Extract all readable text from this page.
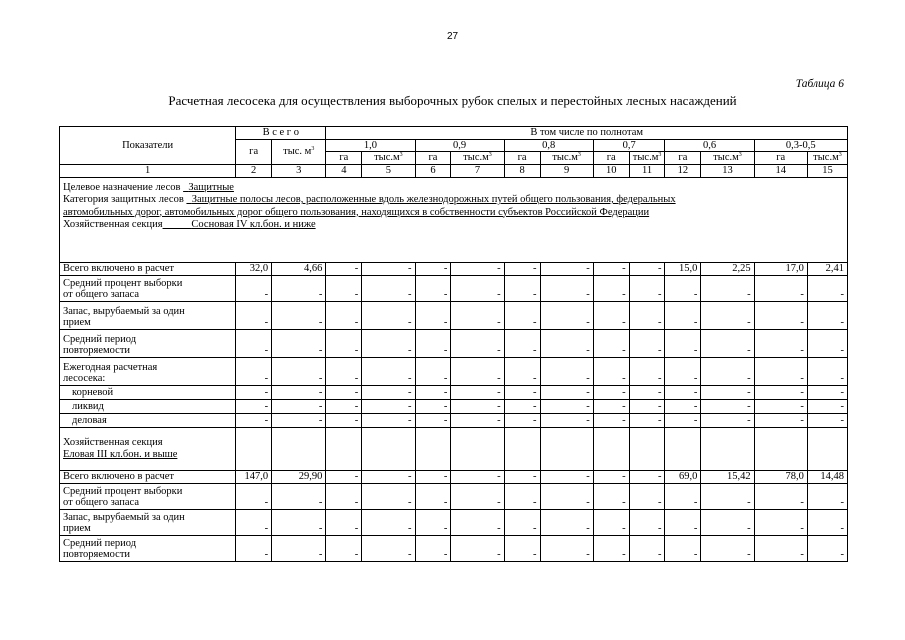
27
Таблица 6
Расчетная лесосека для осуществления выборочных рубок спелых и перестойных лесных насаждений
Показатели	В с е г о		В том числе по полнотам											
	га	тыс. $м^3$	1,0		0,9		0,8		0,7		0,6		0,3-0,5	
			га	$тыс.м^3$	га	$тыс.м^3$	га	$тыс.м^3$	га	$тыс.м^3$	га	$тыс.м^3$	га	$тыс.м^3$
1	2	3	4	5	6	7	8	9	10	11	12	13	14	15

Целевое назначение лесов Защитные
Категория защитных лесов Защитные полосы лесов, расположенные вдоль железнодорожных путей общего пользования, федеральных
автомобильных дорог, автомобильных дорог общего пользования, находящихся в собственности субъектов Российской Федерации
Хозяйственная секция Сосновая IV кл.бон. и ниже														

Всего включено в расчет	32,0	4,66	-	-	-	-	-	-	-	-	15,0	2,25	17,0	2,41
Средний процент выборки
от общего запаса	-	-	-	-	-	-	-	-	-	-	-	-	-	-
Запас, вырубаемый за один
прием	-	-	-	-	-	-	-	-	-	-	-	-	-	-
Средний период
повторяемости	-	-	-	-	-	-	-	-	-	-	-	-	-	-
Ежегодная расчетная
лесосека:	-	-	-	-	-	-	-	-	-	-	-	-	-	-
корневой	-	-	-	-	-	-	-	-	-	-	-	-	-	-
ликвид	-	-	-	-	-	-	-	-	-	-	-	-	-	-
деловая	-	-	-	-	-	-	-	-	-	-	-	-	-	-

Хозяйственная секция
Еловая III кл.бон. и выше														

Всего включено в расчет	147,0	29,90	-	-	-	-	-	-	-	-	69,0	15,42	78,0	14,48
Средний процент выборки
от общего запаса	-	-	-	-	-	-	-	-	-	-	-	-	-	-
Запас, вырубаемый за один
прием	-	-	-	-	-	-	-	-	-	-	-	-	-	-
Средний период
повторяемости	-	-	-	-	-	-	-	-	-	-	-	-	-	-
